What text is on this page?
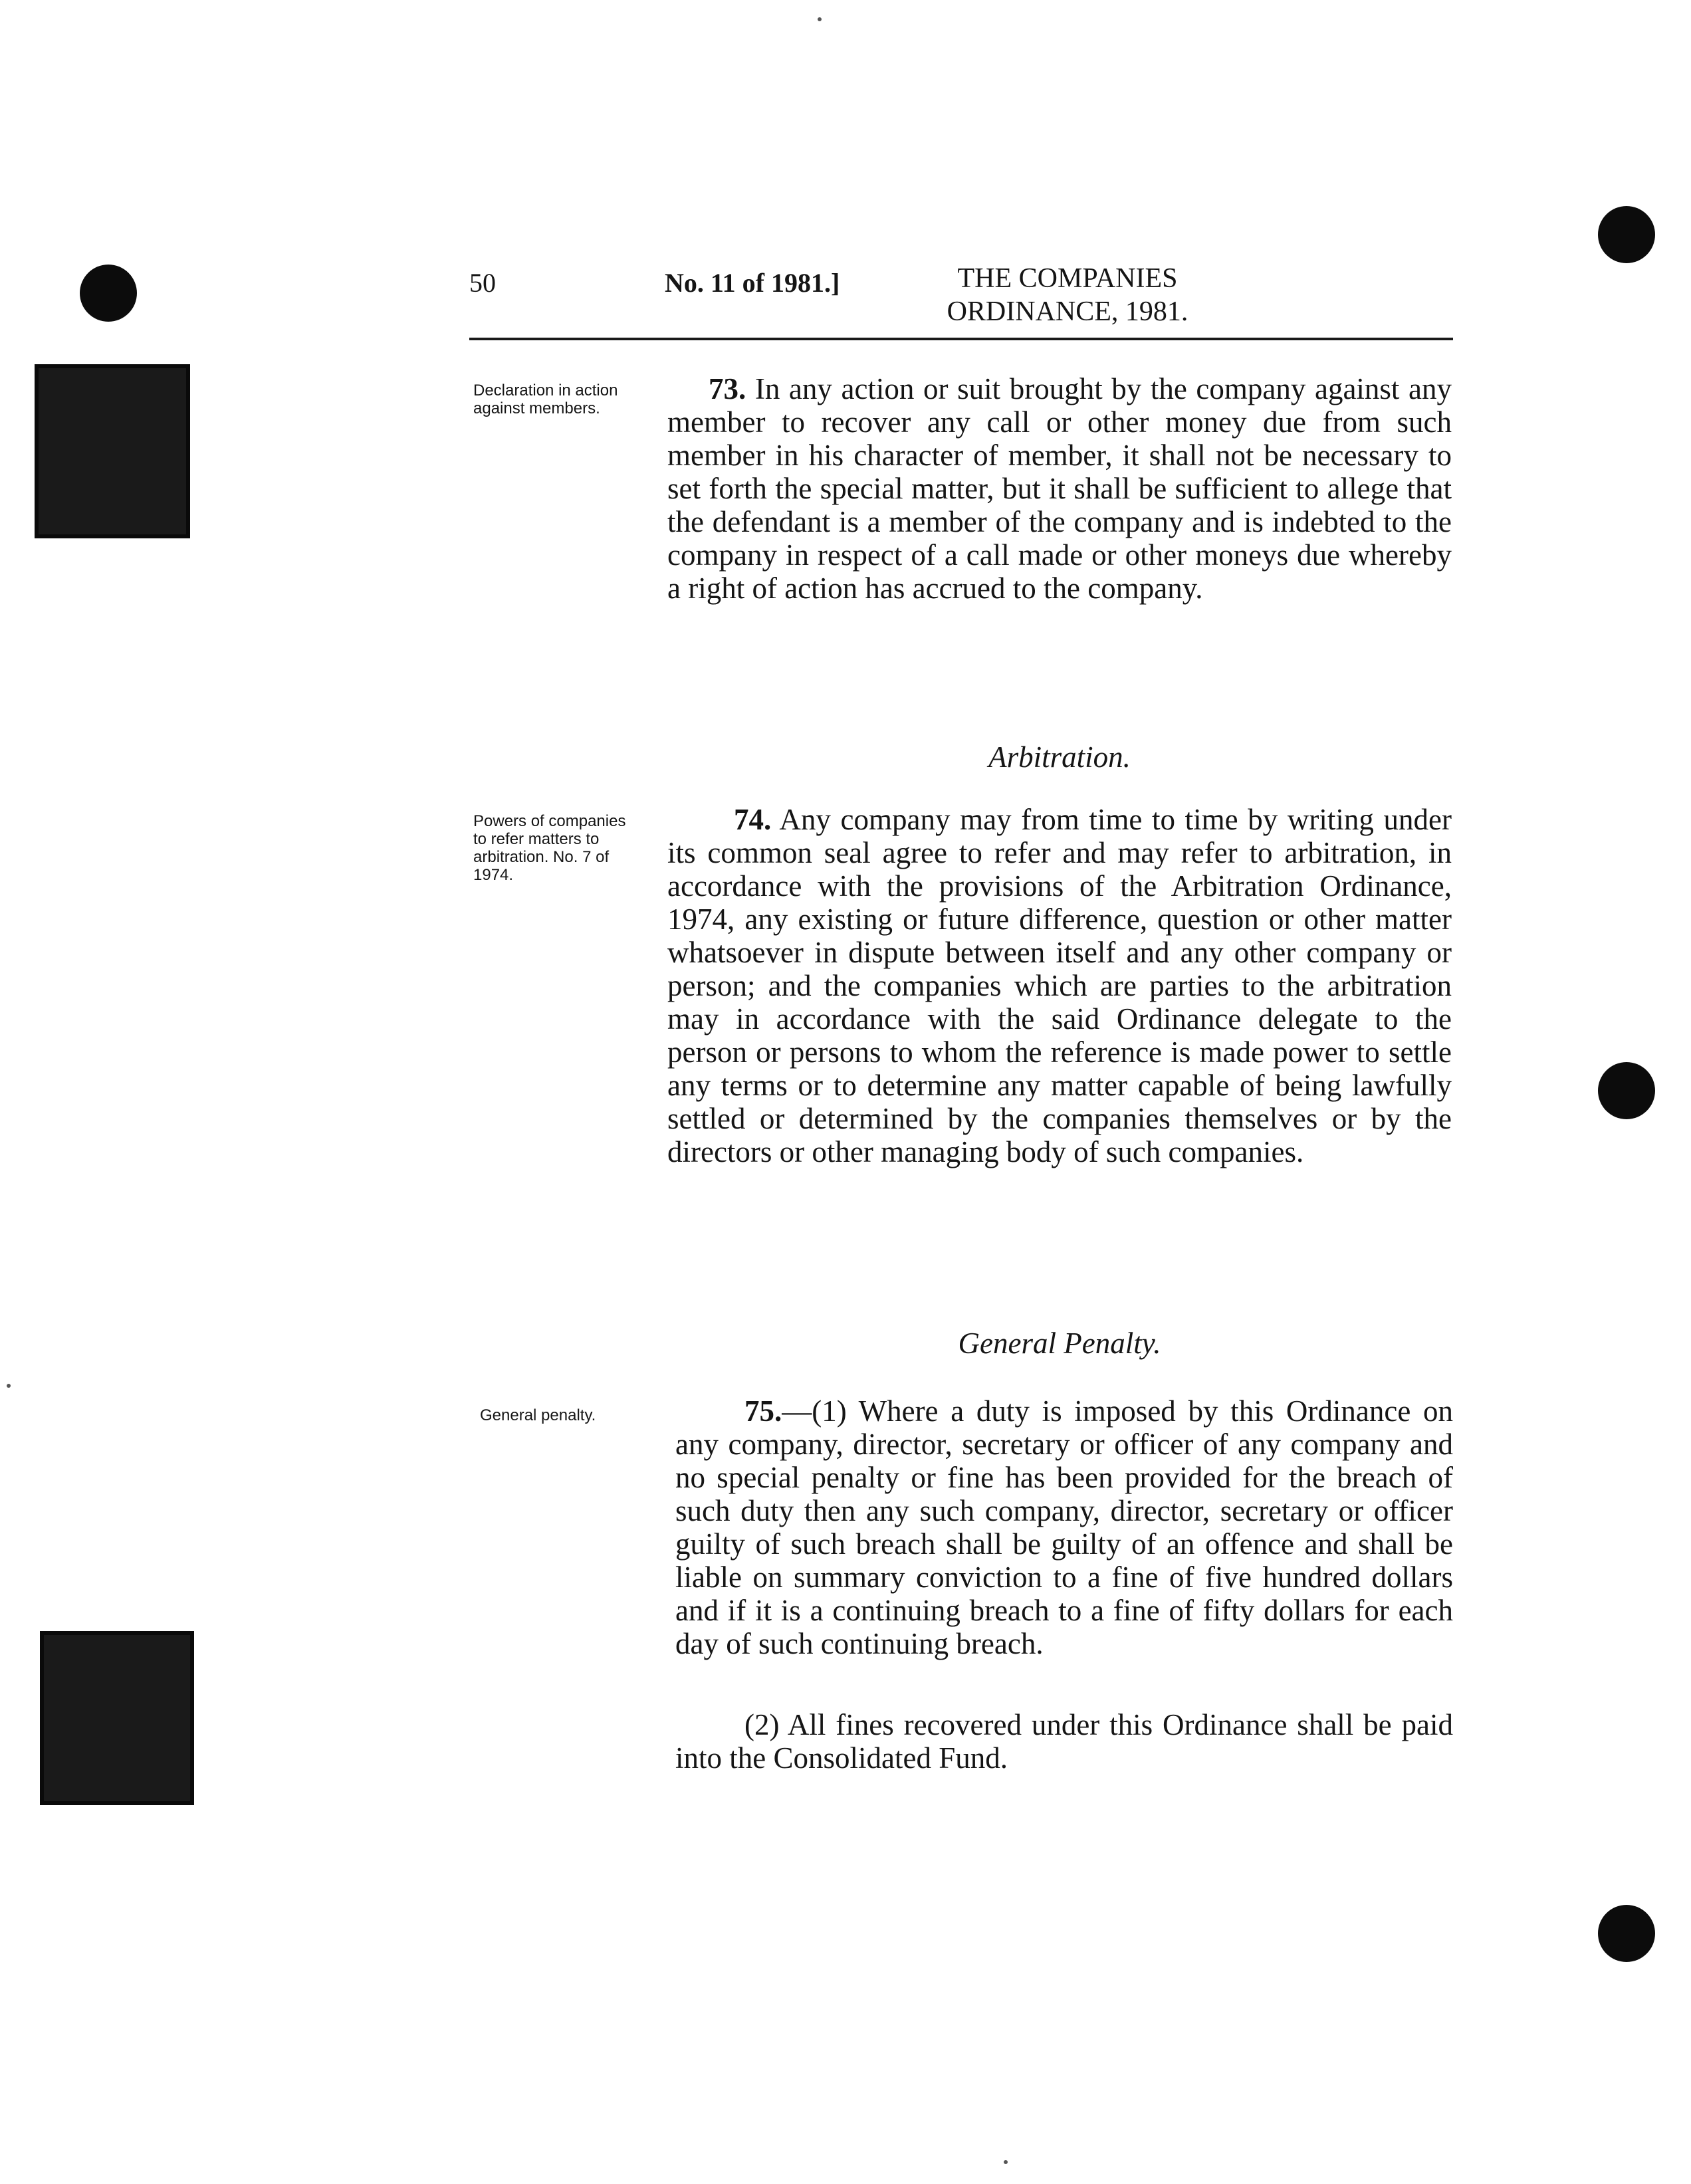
50	No. 11 of 1981.]	THE COMPANIES
ORDINANCE, 1981.
Declaration in action against members.

73. In any action or suit brought by the company against any member to recover any call or other money due from such member in his character of member, it shall not be necessary to set forth the special matter, but it shall be sufficient to allege that the defendant is a member of the company and is indebted to the company in respect of a call made or other moneys due whereby a right of action has accrued to the company.

Arbitration.
Powers of companies to refer matters to arbitration. No. 7 of 1974.

74. Any company may from time to time by writing under its common seal agree to refer and may refer to arbitration, in accordance with the provisions of the Arbitration Ordinance, 1974, any existing or future difference, question or other matter whatsoever in dispute between itself and any other company or person; and the companies which are parties to the arbitration may in accordance with the said Ordinance delegate to the person or persons to whom the reference is made power to settle any terms or to determine any matter capable of being lawfully settled or determined by the companies themselves or by the directors or other managing body of such companies.

General Penalty.
General penalty.	75.—(1) Where a duty is imposed by this Ordinance on any company, director, secretary or officer of any company and no special penalty or fine has been provided for the breach of such duty then any such company, director, secretary or officer guilty of such breach shall be guilty of an offence and shall be liable on summary conviction to a fine of five hundred dollars and if it is a continuing breach to a fine of fifty dollars for each day of such continuing breach.

(2) All fines recovered under this Ordinance shall be paid into the Consolidated Fund.
